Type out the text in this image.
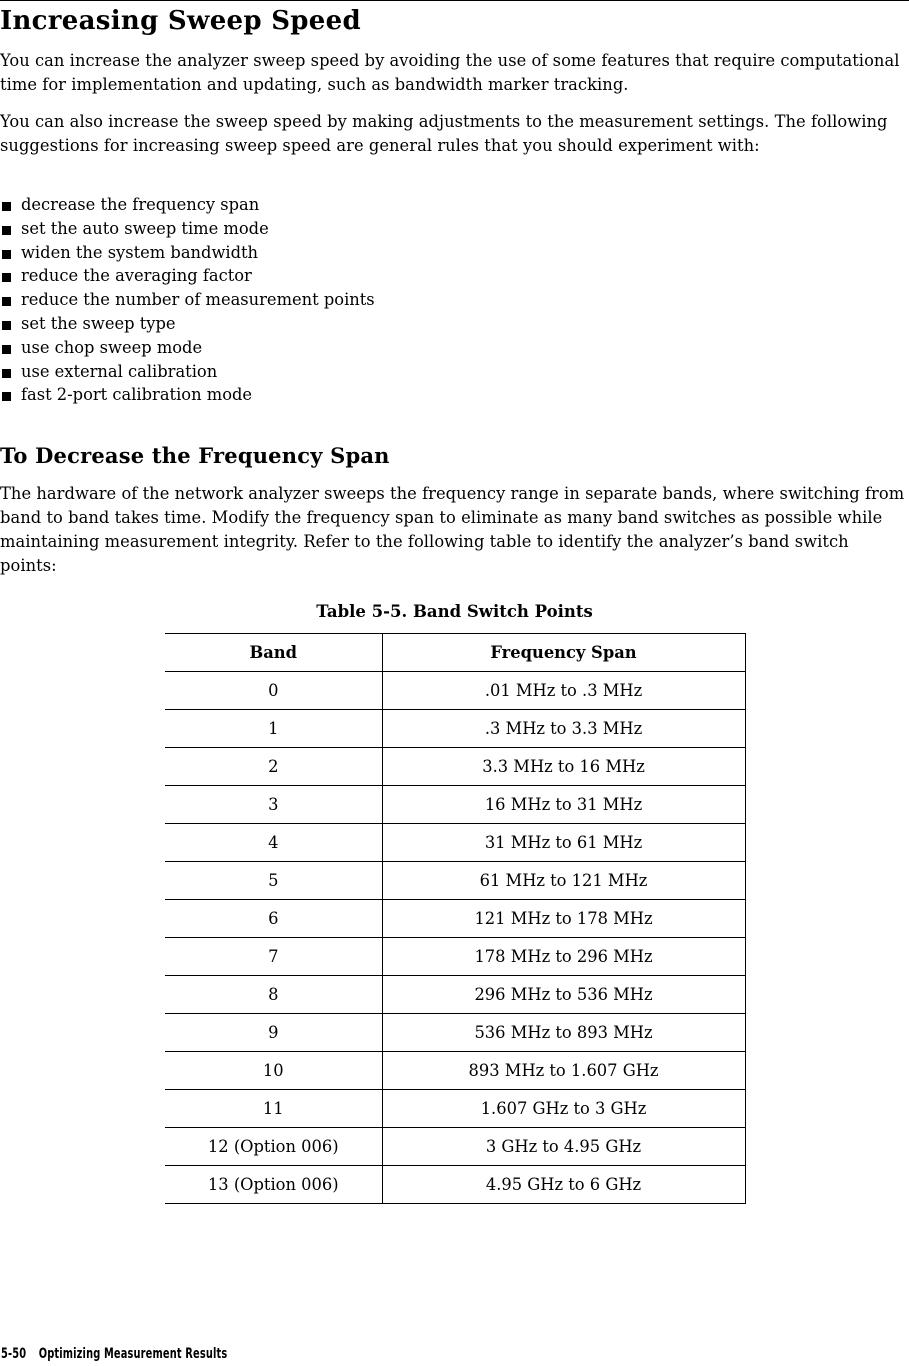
Increasing Sweep Speed

You can increase the analyzer sweep speed by avoiding the use of some features that require computational time for implementation and updating, such as bandwidth marker tracking.

You can also increase the sweep speed by making adjustments to the measurement settings. The following suggestions for increasing sweep speed are general rules that you should experiment with:

decrease the frequency span
set the auto sweep time mode
widen the system bandwidth
reduce the averaging factor
reduce the number of measurement points
set the sweep type
use chop sweep mode
use external calibration
fast 2-port calibration mode
To Decrease the Frequency Span

The hardware of the network analyzer sweeps the frequency range in separate bands, where switching from band to band takes time. Modify the frequency span to eliminate as many band switches as possible while maintaining measurement integrity. Refer to the following table to identify the analyzer’s band switch points:

Table 5-5. Band Switch Points

Band	Frequency Span
0	.01 MHz to .3 MHz
1	.3 MHz to 3.3 MHz
2	3.3 MHz to 16 MHz
3	16 MHz to 31 MHz
4	31 MHz to 61 MHz
5	61 MHz to 121 MHz
6	121 MHz to 178 MHz
7	178 MHz to 296 MHz
8	296 MHz to 536 MHz
9	536 MHz to 893 MHz
10	893 MHz to 1.607 GHz
11	1.607 GHz to 3 GHz
12 (Option 006)	3 GHz to 4.95 GHz
13 (Option 006)	4.95 GHz to 6 GHz
5-50 Optimizing Measurement Results
